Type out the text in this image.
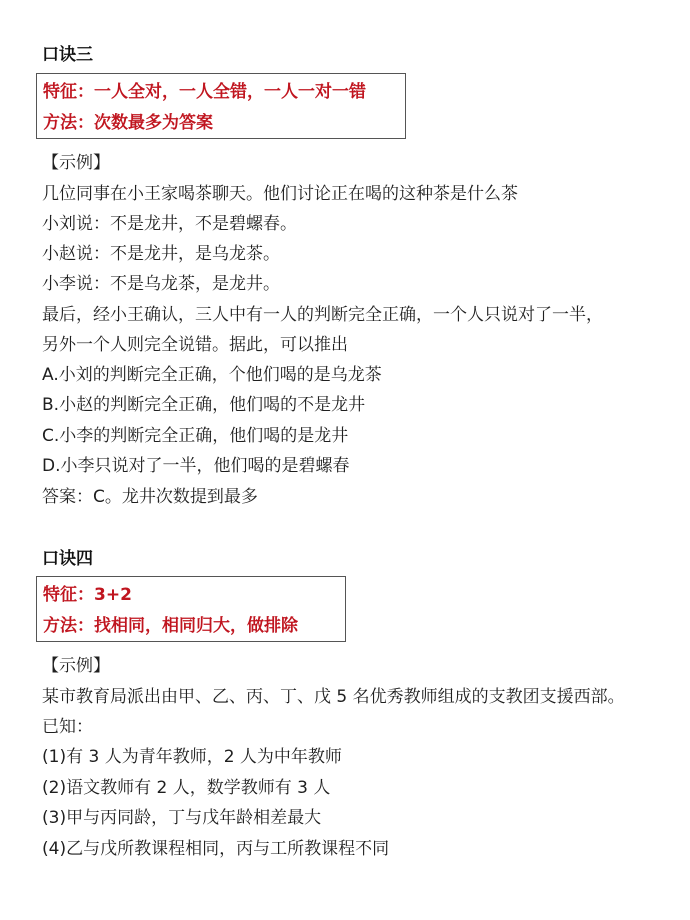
口诀三
特征：一人全对，一人全错，一人一对一错
方法：次数最多为答案
【示例】
几位同事在小王家喝茶聊天。他们讨论正在喝的这种茶是什么茶
小刘说：不是龙井，不是碧螺春。
小赵说：不是龙井，是乌龙茶。
小李说：不是乌龙茶，是龙井。
最后，经小王确认，三人中有一人的判断完全正确，一个人只说对了一半，
另外一个人则完全说错。据此，可以推出
A.小刘的判断完全正确，个他们喝的是乌龙茶
B.小赵的判断完全正确，他们喝的不是龙井
C.小李的判断完全正确，他们喝的是龙井
D.小李只说对了一半，他们喝的是碧螺春
答案：C。龙井次数提到最多
口诀四
特征：3+2
方法：找相同，相同归大，做排除
【示例】
某市教育局派出由甲、乙、丙、丁、戊 5 名优秀教师组成的支教团支援西部。
已知：
(1)有 3 人为青年教师，2 人为中年教师
(2)语文教师有 2 人，数学教师有 3 人
(3)甲与丙同龄，丁与戊年龄相差最大
(4)乙与戊所教课程相同，丙与工所教课程不同
